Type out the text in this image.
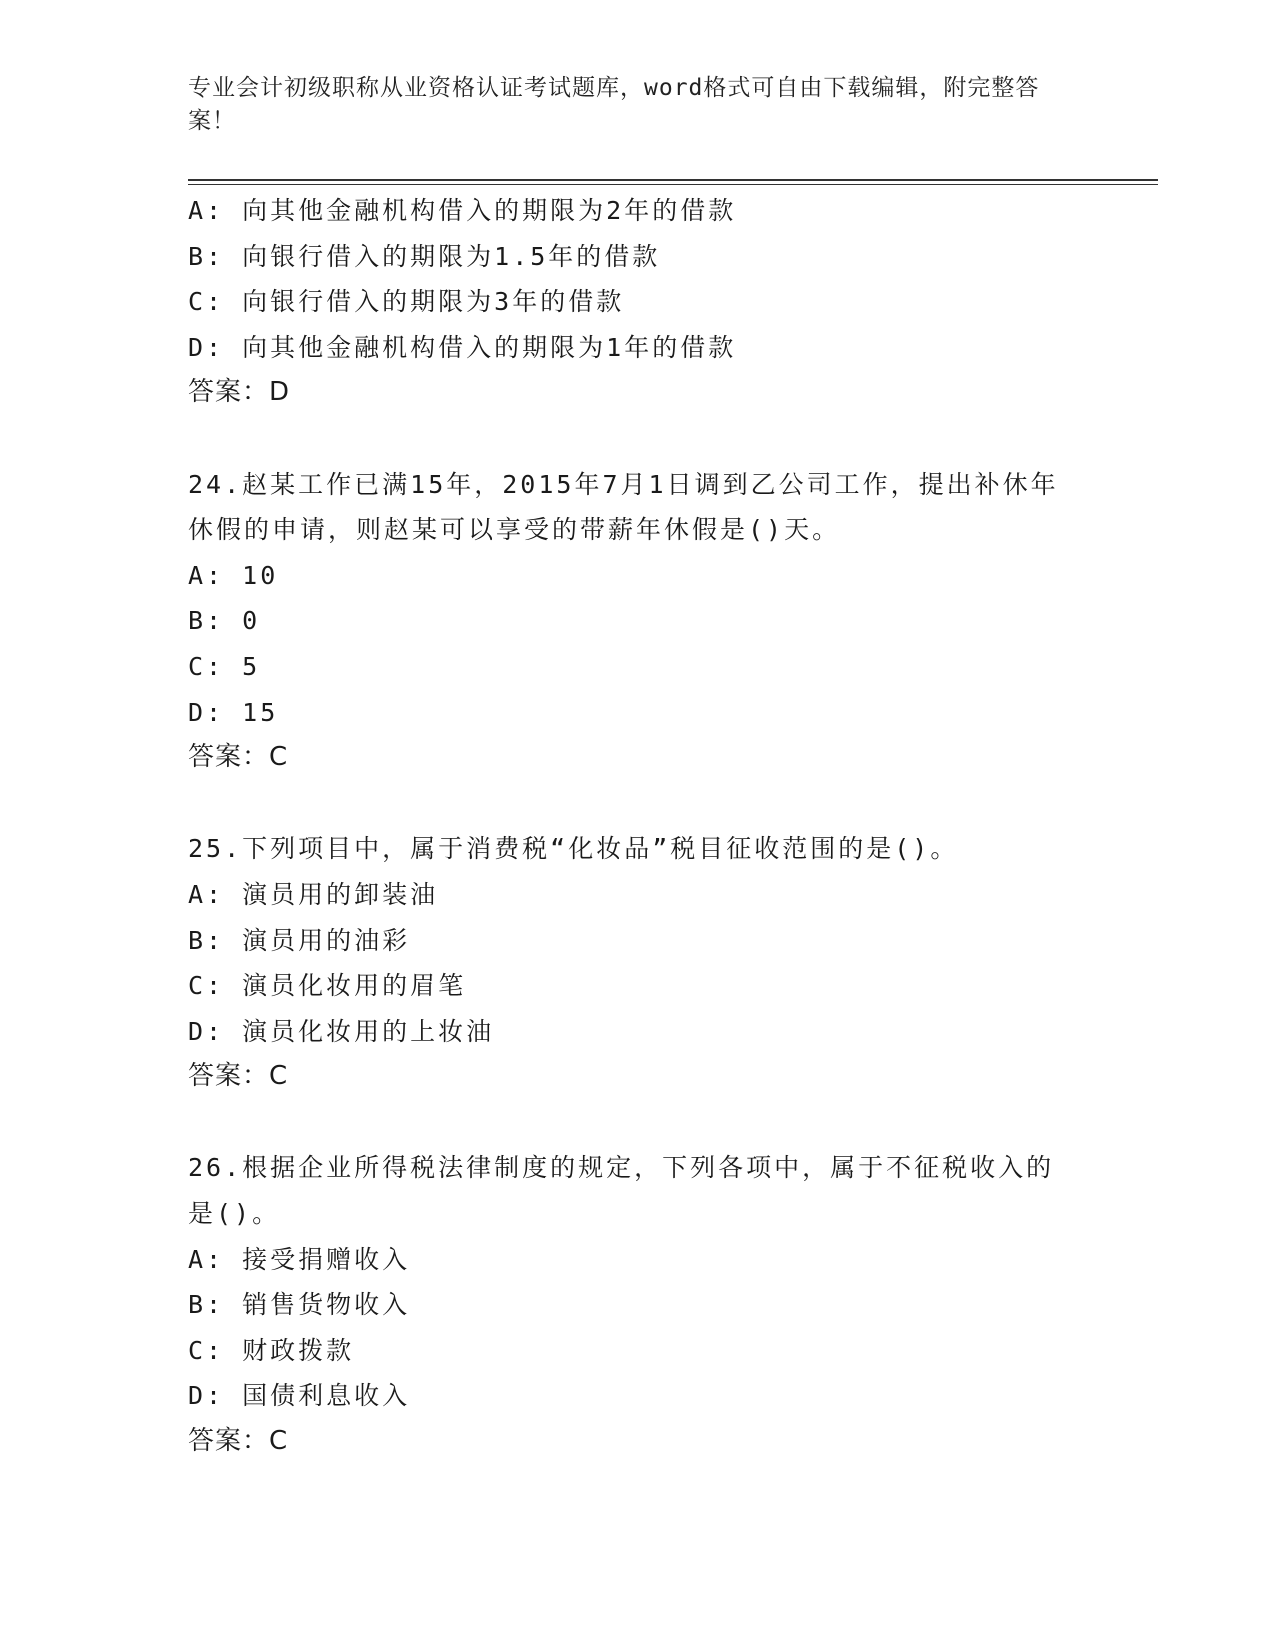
专业会计初级职称从业资格认证考试题库，word格式可自由下载编辑，附完整答案！
A: 向其他金融机构借入的期限为2年的借款
B: 向银行借入的期限为1.5年的借款
C: 向银行借入的期限为3年的借款
D: 向其他金融机构借入的期限为1年的借款
答案：D
24.赵某工作已满15年，2015年7月1日调到乙公司工作，提出补休年休假的申请，则赵某可以享受的带薪年休假是()天。
A: 10
B: 0
C: 5
D: 15
答案：C
25.下列项目中，属于消费税“化妆品”税目征收范围的是()。
A: 演员用的卸装油
B: 演员用的油彩
C: 演员化妆用的眉笔
D: 演员化妆用的上妆油
答案：C
26.根据企业所得税法律制度的规定，下列各项中，属于不征税收入的是()。
A: 接受捐赠收入
B: 销售货物收入
C: 财政拨款
D: 国债利息收入
答案：C
